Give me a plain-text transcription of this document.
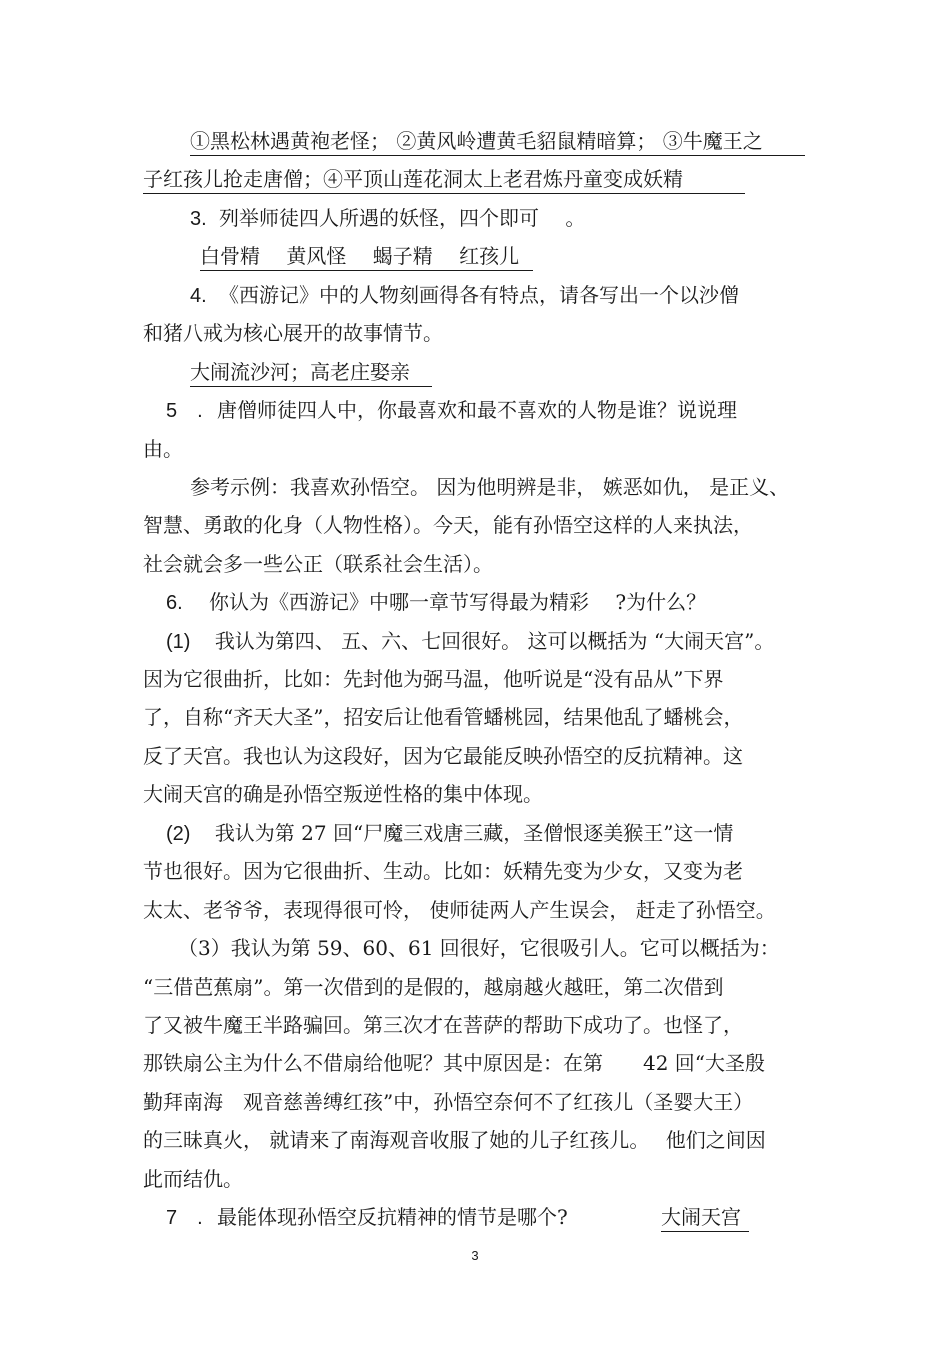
①黑松林遇黄袍老怪； ②黄风岭遭黄毛貂鼠精暗算； ③牛魔王之
子红孩儿抢走唐僧；④平顶山莲花洞太上老君炼丹童变成妖精
3. 列举师徒四人所遇的妖怪，四个即可　 。
白骨精　 黄风怪　 蝎子精　 红孩儿
4. 《西游记》中的人物刻画得各有特点，请各写出一个以沙僧
和猪八戒为核心展开的故事情节。
大闹流沙河；高老庄娶亲
5　. 唐僧师徒四人中，你最喜欢和最不喜欢的人物是谁？说说理
由。
参考示例：我喜欢孙悟空。 因为他明辨是非， 嫉恶如仇， 是正义、
智慧、勇敢的化身（人物性格）。今天，能有孙悟空这样的人来执法，
社会就会多一些公正（联系社会生活）。
6. 你认为《西游记》中哪一章节写得最为精彩　 ?为什么？
(1) 我认为第四、 五、六、七回很好。 这可以概括为 “大闹天宫”。
因为它很曲折，比如：先封他为弼马温，他听说是“没有品从”下界
了，自称“齐天大圣”，招安后让他看管蟠桃园，结果他乱了蟠桃会，
反了天宫。我也认为这段好，因为它最能反映孙悟空的反抗精神。这
大闹天宫的确是孙悟空叛逆性格的集中体现。
(2) 我认为第 27 回“尸魔三戏唐三藏，圣僧恨逐美猴王”这一情
节也很好。因为它很曲折、生动。比如：妖精先变为少女，又变为老
太太、老爷爷，表现得很可怜， 使师徒两人产生误会， 赶走了孙悟空。
（3）我认为第 59、60、61 回很好，它很吸引人。它可以概括为：
“三借芭蕉扇”。第一次借到的是假的，越扇越火越旺，第二次借到
了又被牛魔王半路骗回。第三次才在菩萨的帮助下成功了。也怪了，
那铁扇公主为什么不借扇给他呢？其中原因是：在第　　42 回“大圣殷
勤拜南海　观音慈善缚红孩”中，孙悟空奈何不了红孩儿（圣婴大王）
的三昧真火， 就请来了南海观音收服了她的儿子红孩儿。　 他们之间因
此而结仇。
7　. 最能体现孙悟空反抗精神的情节是哪个?	大闹天宫
3
